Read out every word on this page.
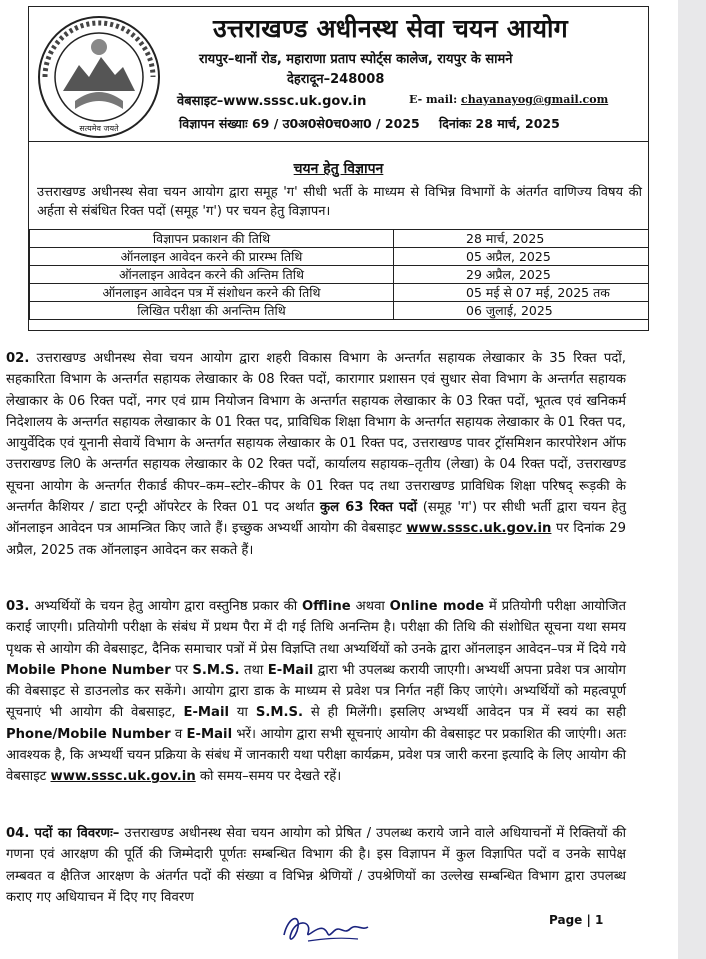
सत्यमेव जयते
उत्तराखण्ड अधीनस्थ सेवा चयन आयोग
रायपुर–थानों रोड, महाराणा प्रताप स्पोर्ट्स कालेज, रायपुर के सामने
देहरादून–248008
वेबसाइट–www.sssc.uk.gov.in	E- mail: chayanayog@gmail.com
विज्ञापन संख्याः 69 / उ0अ0से0च0आ0 / 2025 दिनांकः 28 मार्च, 2025
चयन हेतु विज्ञापन
उत्तराखण्ड अधीनस्थ सेवा चयन आयोग द्वारा समूह 'ग' सीधी भर्ती के माध्यम से विभिन्न विभागों के अंतर्गत वाणिज्य विषय की अर्हता से संबंधित रिक्त पदों (समूह 'ग') पर चयन हेतु विज्ञापन।
विज्ञापन प्रकाशन की तिथि	28 मार्च, 2025
ऑनलाइन आवेदन करने की प्रारम्भ तिथि	05 अप्रैल, 2025
ऑनलाइन आवेदन करने की अन्तिम तिथि	29 अप्रैल, 2025
ऑनलाइन आवेदन पत्र में संशोधन करने की तिथि	05 मई से 07 मई, 2025 तक
लिखित परीक्षा की अनन्तिम तिथि	06 जुलाई, 2025
02. उत्तराखण्ड अधीनस्थ सेवा चयन आयोग द्वारा शहरी विकास विभाग के अन्तर्गत सहायक लेखाकार के 35 रिक्त पदों, सहकारिता विभाग के अन्तर्गत सहायक लेखाकार के 08 रिक्त पदों, कारागार प्रशासन एवं सुधार सेवा विभाग के अन्तर्गत सहायक लेखाकार के 06 रिक्त पदों, नगर एवं ग्राम नियोजन विभाग के अन्तर्गत सहायक लेखाकार के 03 रिक्त पदों, भूतत्व एवं खनिकर्म निदेशालय के अन्तर्गत सहायक लेखाकार के 01 रिक्त पद, प्राविधिक शिक्षा विभाग के अन्तर्गत सहायक लेखाकार के 01 रिक्त पद, आयुर्वेदिक एवं यूनानी सेवायें विभाग के अन्तर्गत सहायक लेखाकार के 01 रिक्त पद, उत्तराखण्ड पावर ट्रॉसमिशन कारपोरेशन ऑफ उत्तराखण्ड लि0 के अन्तर्गत सहायक लेखाकार के 02 रिक्त पदों, कार्यालय सहायक–तृतीय (लेखा) के 04 रिक्त पदों, उत्तराखण्ड सूचना आयोग के अन्तर्गत रीकार्ड कीपर–कम–स्टोर–कीपर के 01 रिक्त पद तथा उत्तराखण्ड प्राविधिक शिक्षा परिषद् रूड़की के अन्तर्गत कैशियर / डाटा एन्ट्री ऑपरेटर के रिक्त 01 पद अर्थात कुल 63 रिक्त पदों (समूह 'ग') पर सीधी भर्ती द्वारा चयन हेतु ऑनलाइन आवेदन पत्र आमन्त्रित किए जाते हैं। इच्छुक अभ्यर्थी आयोग की वेबसाइट www.sssc.uk.gov.in पर दिनांक 29 अप्रैल, 2025 तक ऑनलाइन आवेदन कर सकते हैं।
03. अभ्यर्थियों के चयन हेतु आयोग द्वारा वस्तुनिष्ठ प्रकार की Offline अथवा Online mode में प्रतियोगी परीक्षा आयोजित कराई जाएगी। प्रतियोगी परीक्षा के संबंध में प्रथम पैरा में दी गई तिथि अनन्तिम है। परीक्षा की तिथि की संशोधित सूचना यथा समय पृथक से आयोग की वेबसाइट, दैनिक समाचार पत्रों में प्रेस विज्ञप्ति तथा अभ्यर्थियों को उनके द्वारा ऑनलाइन आवेदन–पत्र में दिये गये Mobile Phone Number पर S.M.S. तथा E-Mail द्वारा भी उपलब्ध करायी जाएगी। अभ्यर्थी अपना प्रवेश पत्र आयोग की वेबसाइट से डाउनलोड कर सकेंगे। आयोग द्वारा डाक के माध्यम से प्रवेश पत्र निर्गत नहीं किए जाएंगे। अभ्यर्थियों को महत्वपूर्ण सूचनाएं भी आयोग की वेबसाइट, E-Mail या S.M.S. से ही मिलेंगी। इसलिए अभ्यर्थी आवेदन पत्र में स्वयं का सही Phone/Mobile Number व E-Mail भरें। आयोग द्वारा सभी सूचनाएं आयोग की वेबसाइट पर प्रकाशित की जाएंगी। अतः आवश्यक है, कि अभ्यर्थी चयन प्रक्रिया के संबंध में जानकारी यथा परीक्षा कार्यक्रम, प्रवेश पत्र जारी करना इत्यादि के लिए आयोग की वेबसाइट www.sssc.uk.gov.in को समय–समय पर देखते रहें।
04. पदों का विवरणः– उत्तराखण्ड अधीनस्थ सेवा चयन आयोग को प्रेषित / उपलब्ध कराये जाने वाले अधियाचनों में रिक्तियों की गणना एवं आरक्षण की पूर्ति की जिम्मेदारी पूर्णतः सम्बन्धित विभाग की है। इस विज्ञापन में कुल विज्ञापित पदों व उनके सापेक्ष लम्बवत व क्षैतिज आरक्षण के अंतर्गत पदों की संख्या व विभिन्न श्रेणियों / उपश्रेणियों का उल्लेख सम्बन्धित विभाग द्वारा उपलब्ध कराए गए अधियाचन में दिए गए विवरण
Page | 1
